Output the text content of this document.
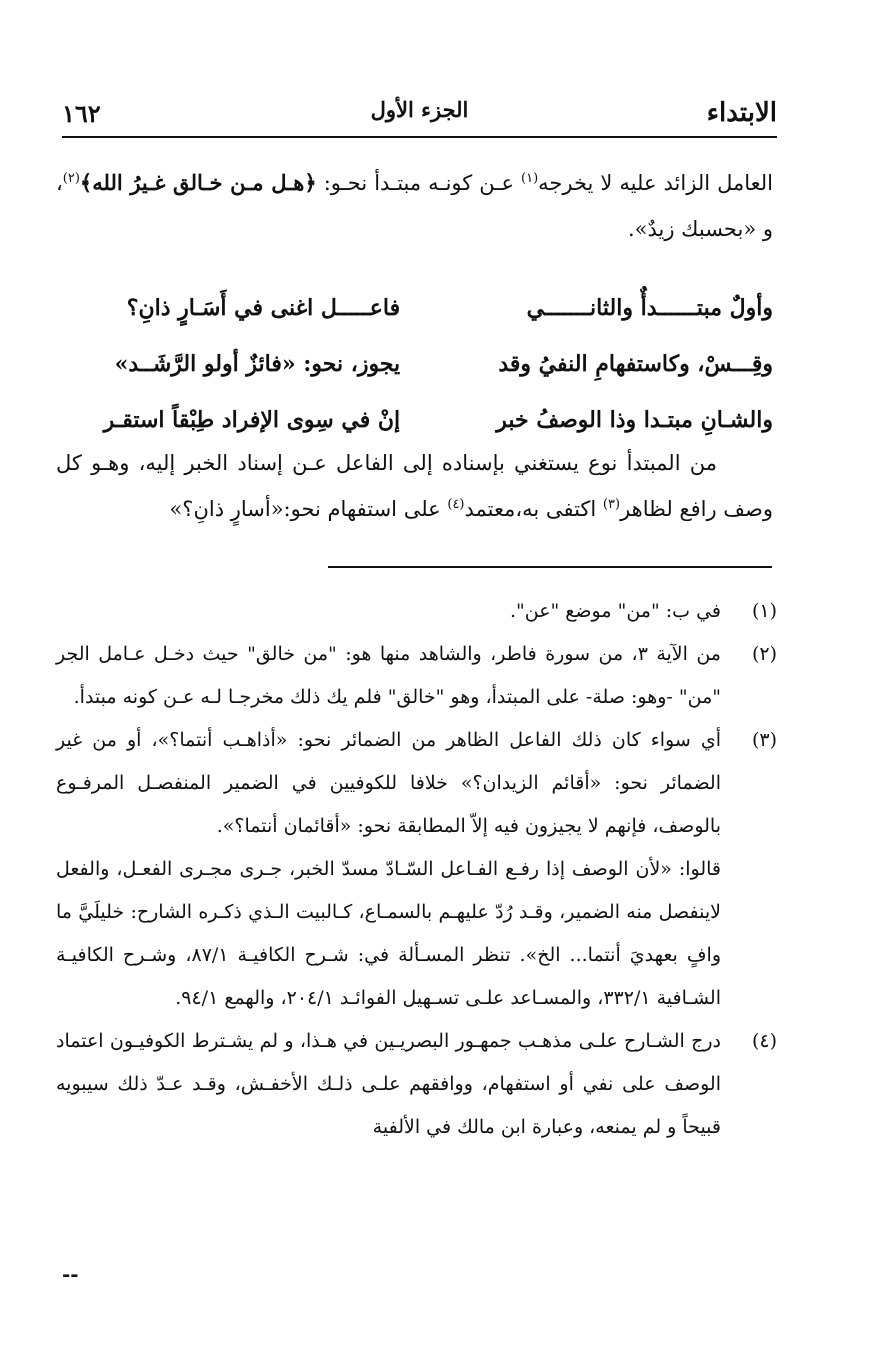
الابتداء
الجزء الأول
١٦٢
العامل الزائد عليه لا يخرجه$^{(١)}$ عـن كونـه مبتـدأ نحـو: ﴿هـل مـن خـالق غـيرُ الله﴾$^{(٢)}$، و «بحسبك زيدٌ».
وأولٌ مبتــــــدأٌ والثانـــــــي
فاعـــــل اغنى في أَسَـارٍ ذانِ؟
وقِـــسْ، وكاستفهامِ النفيُ وقد
يجوز، نحو: «فائزٌ أولو الرَّشَــد»
والشـانِ مبتـدا وذا الوصفُ خبر
إنْ في سِوى الإفراد طِبْقاً استقـر
من المبتدأ نوع يستغني بإسناده إلى الفاعل عـن إسناد الخبر إليه، وهـو كل وصف رافع لظاهر$^{(٣)}$ اكتفى به،معتمد$^{(٤)}$ على استفهام نحو:«أسارٍ ذانِ؟»
(١)
في ب: "من" موضع "عن".
(٢)
من الآية ٣، من سورة فاطر، والشاهد منها هو: "من خالق" حيث دخـل عـامل الجر "من" -وهو: صلة- على المبتدأ، وهو "خالق" فلم يك ذلك مخرجـا لـه عـن كونه مبتدأ.
(٣)
أي سواء كان ذلك الفاعل الظاهر من الضمائر نحو: «أذاهـب أنتما؟»، أو من غير الضمائر نحو: «أقائم الزيدان؟» خلافا للكوفيين في الضمير المنفصـل المرفـوع بالوصف، فإنهم لا يجيزون فيه إلاّ المطابقة نحو: «أقائمان أنتما؟».
قالوا: «لأن الوصف إذا رفـع الفـاعل السّـادّ مسدّ الخبر، جـرى مجـرى الفعـل، والفعل لاينفصل منه الضمير، وقـد رُدّ عليهـم بالسمـاع، كـالبيت الـذي ذكـره الشارح: خليلَيَّ ما وافٍ بعهديَ أنتما... الخ». تنظر المسـألة في: شـرح الكافيـة ٨٧/١، وشـرح الكافيـة الشـافية ٣٣٢/١، والمسـاعد علـى تسـهيل الفوائـد ٢٠٤/١، والهمع ٩٤/١.
(٤)
درج الشـارح علـى مذهـب جمهـور البصريـين في هـذا، و لم يشـترط الكوفيـون اعتماد الوصف على نفي أو استفهام، ووافقهم علـى ذلـك الأخفـش، وقـد عـدّ ذلك سيبويه قبيحاً و لم يمنعه، وعبارة ابن مالك في الألفية
--
